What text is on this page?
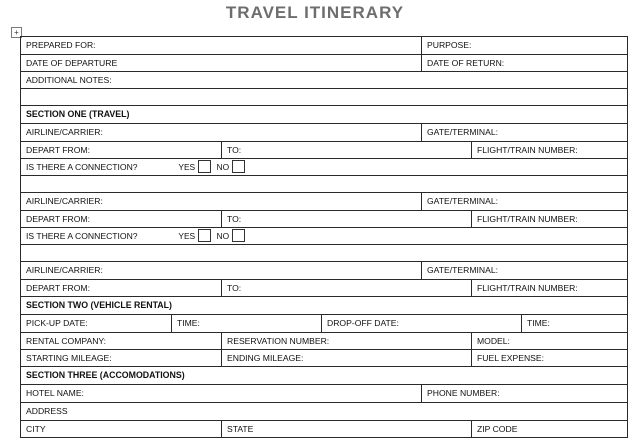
TRAVEL ITINERARY
+
PREPARED FOR:				PURPOSE:		
DATE OF DEPARTURE				DATE OF RETURN:		
ADDITIONAL NOTES:						

SECTION ONE (TRAVEL)						
AIRLINE/CARRIER:				GATE/TERMINAL:		
DEPART FROM:		TO:			FLIGHT/TRAIN NUMBER:	
IS THERE A CONNECTION? YES NO						

AIRLINE/CARRIER:				GATE/TERMINAL:		
DEPART FROM:		TO:			FLIGHT/TRAIN NUMBER:	
IS THERE A CONNECTION? YES NO						

AIRLINE/CARRIER:				GATE/TERMINAL:		
DEPART FROM:		TO:			FLIGHT/TRAIN NUMBER:	
SECTION TWO (VEHICLE RENTAL)						
PICK-UP DATE:	TIME:		DROP-OFF DATE:			TIME:
RENTAL COMPANY:		RESERVATION NUMBER:			MODEL:	
STARTING MILEAGE:		ENDING MILEAGE:			FUEL EXPENSE:	
SECTION THREE (ACCOMODATIONS)						
HOTEL NAME:				PHONE NUMBER:		
ADDRESS						
CITY		STATE			ZIP CODE	
